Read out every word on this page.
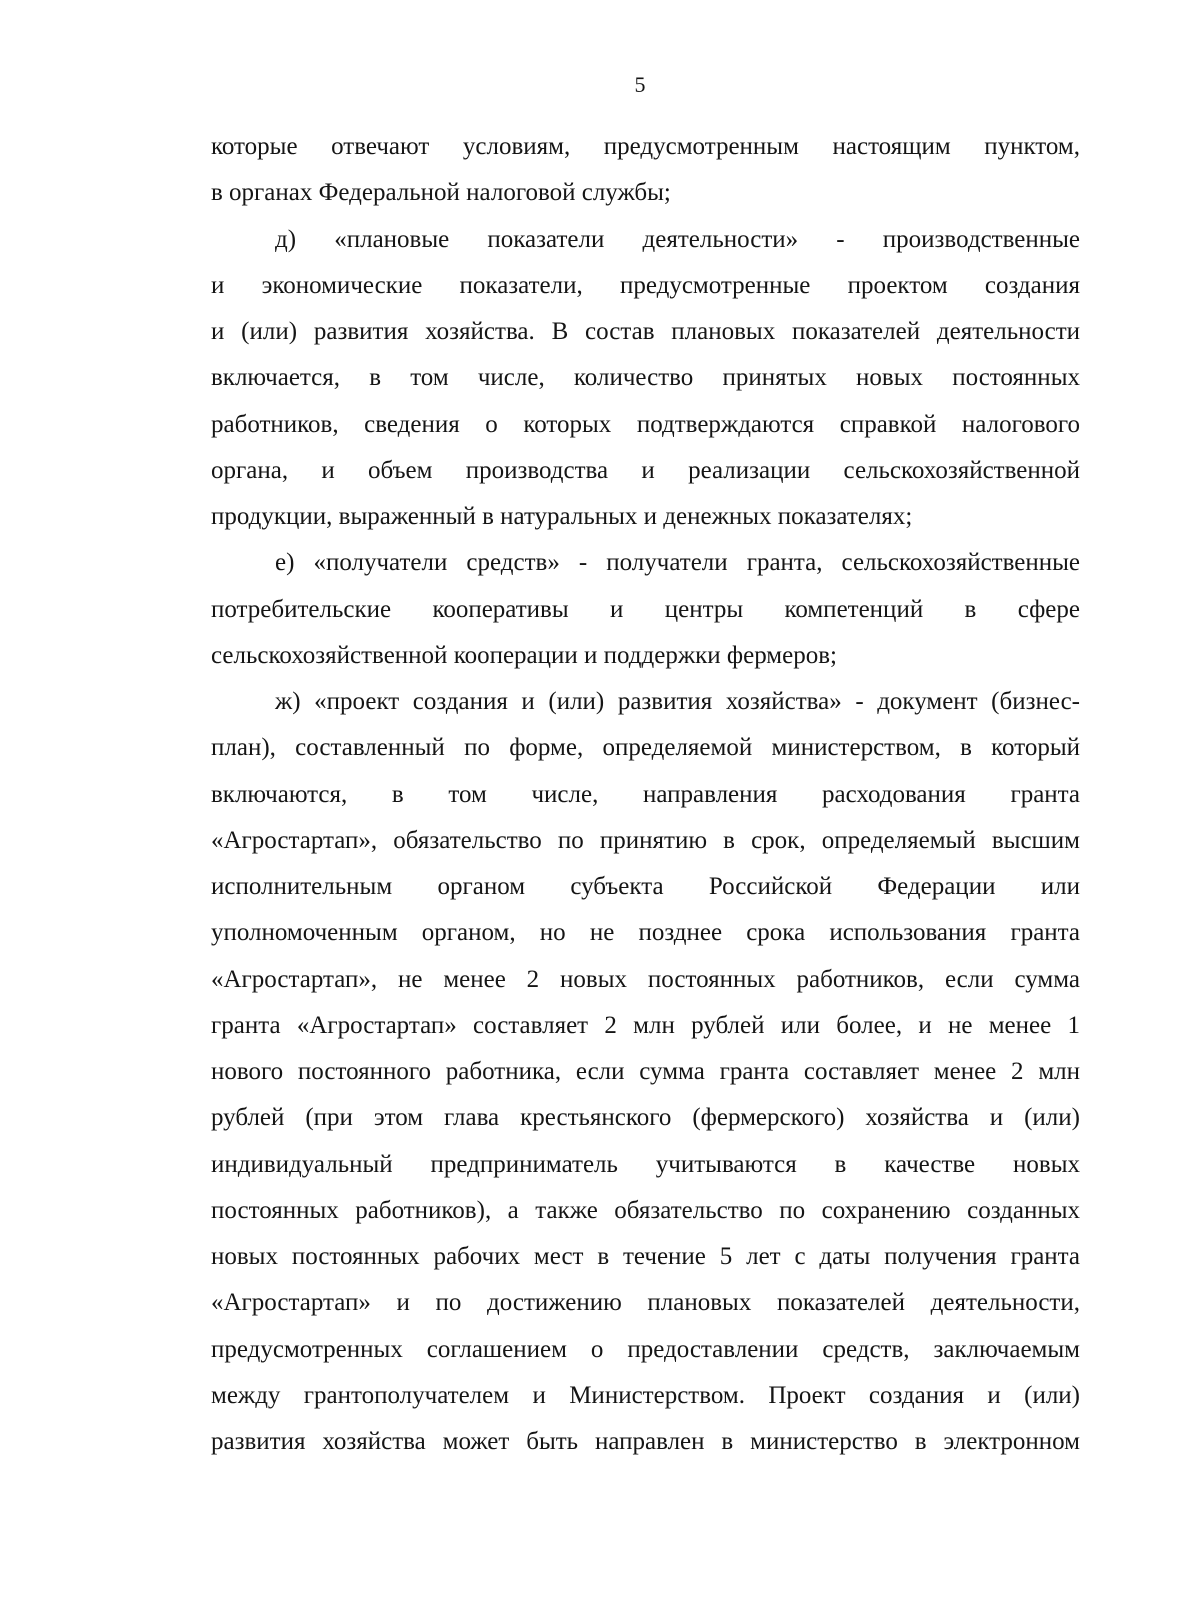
5
которые отвечают условиям, предусмотренным настоящим пунктом,
в органах Федеральной налоговой службы;
д) «плановые показатели деятельности» - производственные
и экономические показатели, предусмотренные проектом создания
и (или) развития хозяйства. В состав плановых показателей деятельности
включается, в том числе, количество принятых новых постоянных
работников, сведения о которых подтверждаются справкой налогового
органа, и объем производства и реализации сельскохозяйственной
продукции, выраженный в натуральных и денежных показателях;
е) «получатели средств» - получатели гранта, сельскохозяйственные
потребительские кооперативы и центры компетенций в сфере
сельскохозяйственной кооперации и поддержки фермеров;
ж) «проект создания и (или) развития хозяйства» - документ (бизнес-
план), составленный по форме, определяемой министерством, в который
включаются, в том числе, направления расходования гранта
«Агростартап», обязательство по принятию в срок, определяемый высшим
исполнительным органом субъекта Российской Федерации или
уполномоченным органом, но не позднее срока использования гранта
«Агростартап», не менее 2 новых постоянных работников, если сумма
гранта «Агростартап» составляет 2 млн рублей или более, и не менее 1
нового постоянного работника, если сумма гранта составляет менее 2 млн
рублей (при этом глава крестьянского (фермерского) хозяйства и (или)
индивидуальный предприниматель учитываются в качестве новых
постоянных работников), а также обязательство по сохранению созданных
новых постоянных рабочих мест в течение 5 лет с даты получения гранта
«Агростартап» и по достижению плановых показателей деятельности,
предусмотренных соглашением о предоставлении средств, заключаемым
между грантополучателем и Министерством. Проект создания и (или)
развития хозяйства может быть направлен в министерство в электронном
